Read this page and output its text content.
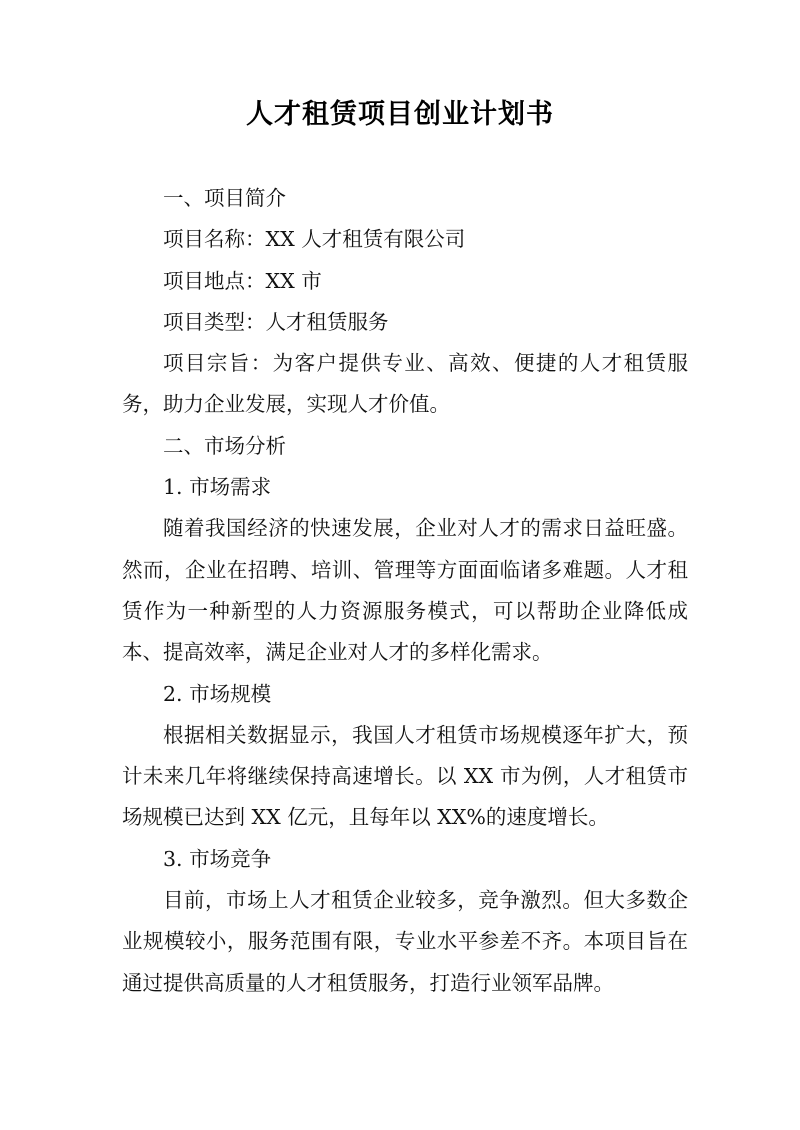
人才租赁项目创业计划书

一、项目简介

项目名称：XX 人才租赁有限公司

项目地点：XX 市

项目类型：人才租赁服务

项目宗旨：为客户提供专业、高效、便捷的人才租赁服务，助力企业发展，实现人才价值。

二、市场分析

1. 市场需求

随着我国经济的快速发展，企业对人才的需求日益旺盛。然而，企业在招聘、培训、管理等方面面临诸多难题。人才租赁作为一种新型的人力资源服务模式，可以帮助企业降低成本、提高效率，满足企业对人才的多样化需求。

2. 市场规模

根据相关数据显示，我国人才租赁市场规模逐年扩大，预计未来几年将继续保持高速增长。以 XX 市为例，人才租赁市场规模已达到 XX 亿元，且每年以 XX%的速度增长。

3. 市场竞争

目前，市场上人才租赁企业较多，竞争激烈。但大多数企业规模较小，服务范围有限，专业水平参差不齐。本项目旨在通过提供高质量的人才租赁服务，打造行业领军品牌。
